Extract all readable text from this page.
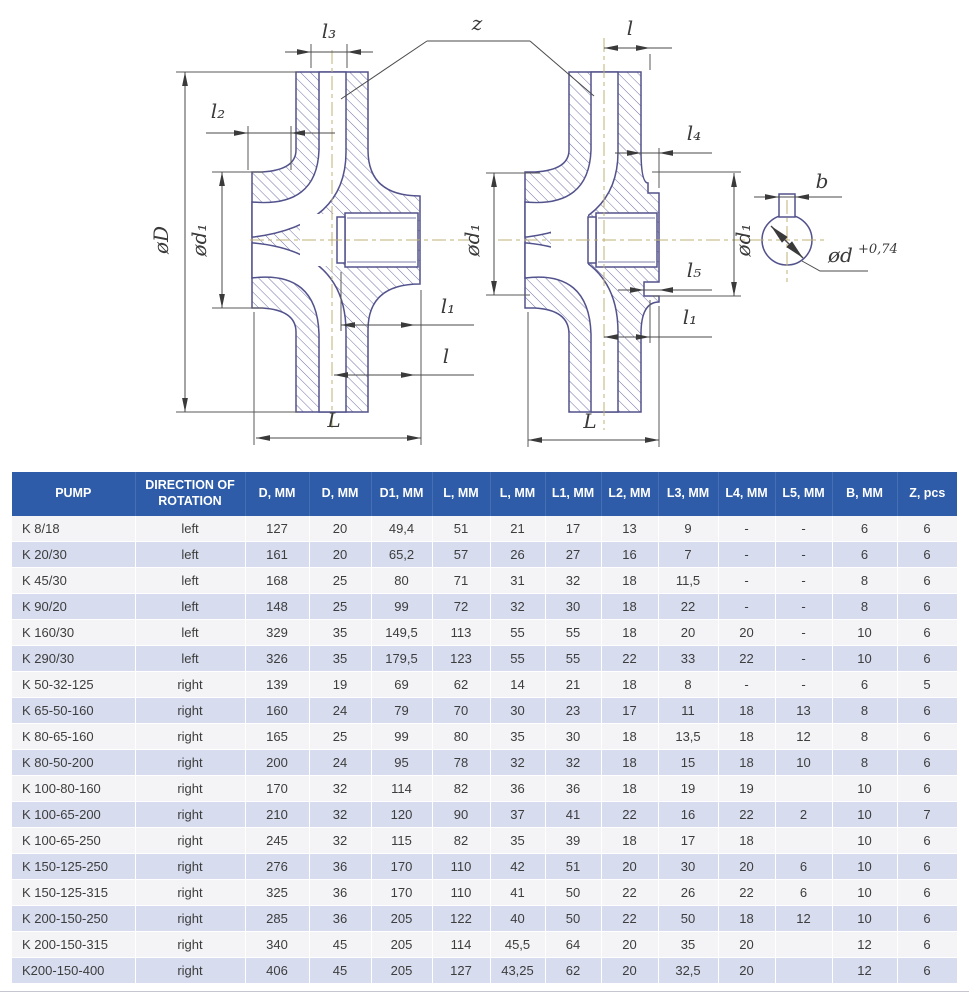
l₃	z	l
l₂
l₄
øD ød₁	ød₁	ød₁
l₅
l₁	l₁
l
L	L
b
ød $^{+0,74}$
PUMP	DIRECTION OF ROTATION	D, MM	D, MM	D1, MM	L, MM	L, MM	L1, MM	L2, MM	L3, MM	L4, MM	L5, MM	B, MM	Z, pcs
K 8/18	left	127	20	49,4	51	21	17	13	9	-	-	6	6
K 20/30	left	161	20	65,2	57	26	27	16	7	-	-	6	6
K 45/30	left	168	25	80	71	31	32	18	11,5	-	-	8	6
K 90/20	left	148	25	99	72	32	30	18	22	-	-	8	6
K 160/30	left	329	35	149,5	113	55	55	18	20	20	-	10	6
K 290/30	left	326	35	179,5	123	55	55	22	33	22	-	10	6
K 50-32-125	right	139	19	69	62	14	21	18	8	-	-	6	5
K 65-50-160	right	160	24	79	70	30	23	17	11	18	13	8	6
K 80-65-160	right	165	25	99	80	35	30	18	13,5	18	12	8	6
K 80-50-200	right	200	24	95	78	32	32	18	15	18	10	8	6
K 100-80-160	right	170	32	114	82	36	36	18	19	19		10	6
K 100-65-200	right	210	32	120	90	37	41	22	16	22	2	10	7
K 100-65-250	right	245	32	115	82	35	39	18	17	18		10	6
K 150-125-250	right	276	36	170	110	42	51	20	30	20	6	10	6
K 150-125-315	right	325	36	170	110	41	50	22	26	22	6	10	6
K 200-150-250	right	285	36	205	122	40	50	22	50	18	12	10	6
K 200-150-315	right	340	45	205	114	45,5	64	20	35	20		12	6
K200-150-400	right	406	45	205	127	43,25	62	20	32,5	20		12	6
